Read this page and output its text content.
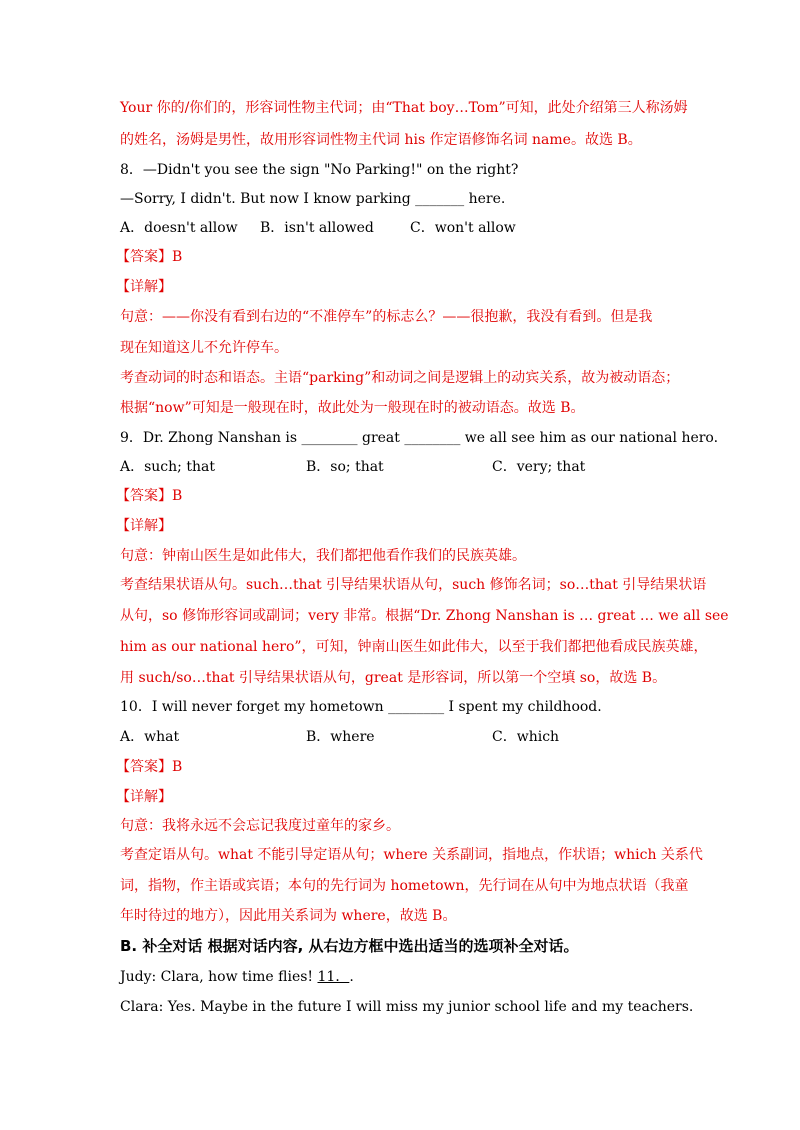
Your 你的/你们的，形容词性物主代词；由“That boy…Tom”可知，此处介绍第三人称汤姆
的姓名，汤姆是男性，故用形容词性物主代词 his 作定语修饰名词 name。故选 B。
8．—Didn't you see the sign "No Parking!" on the right?
—Sorry, I didn't. But now I know parking _______ here.
A．doesn't allow B．isn't allowed	C．won't allow
【答案】B
【详解】
句意：——你没有看到右边的“不准停车”的标志么？——很抱歉，我没有看到。但是我
现在知道这儿不允许停车。
考查动词的时态和语态。主语“parking”和动词之间是逻辑上的动宾关系，故为被动语态；
根据“now”可知是一般现在时，故此处为一般现在时的被动语态。故选 B。
9．Dr. Zhong Nanshan is ________ great ________ we all see him as our national hero.
A．such; that	B．so; that	C．very; that
【答案】B
【详解】
句意：钟南山医生是如此伟大，我们都把他看作我们的民族英雄。
考查结果状语从句。such…that 引导结果状语从句，such 修饰名词；so…that 引导结果状语
从句，so 修饰形容词或副词；very 非常。根据“Dr. Zhong Nanshan is … great … we all see
him as our national hero”，可知，钟南山医生如此伟大，以至于我们都把他看成民族英雄，
用 such/so…that 引导结果状语从句，great 是形容词，所以第一个空填 so，故选 B。
10．I will never forget my hometown ________ I spent my childhood.
A．what	B．where	C．which
【答案】B
【详解】
句意：我将永远不会忘记我度过童年的家乡。
考查定语从句。what 不能引导定语从句；where 关系副词，指地点，作状语；which 关系代
词，指物，作主语或宾语；本句的先行词为 hometown，先行词在从句中为地点状语（我童
年时待过的地方），因此用关系词为 where，故选 B。
B. 补全对话 根据对话内容, 从右边方框中选出适当的选项补全对话。
Judy: Clara, how time flies! 11．.
Clara: Yes. Maybe in the future I will miss my junior school life and my teachers.
